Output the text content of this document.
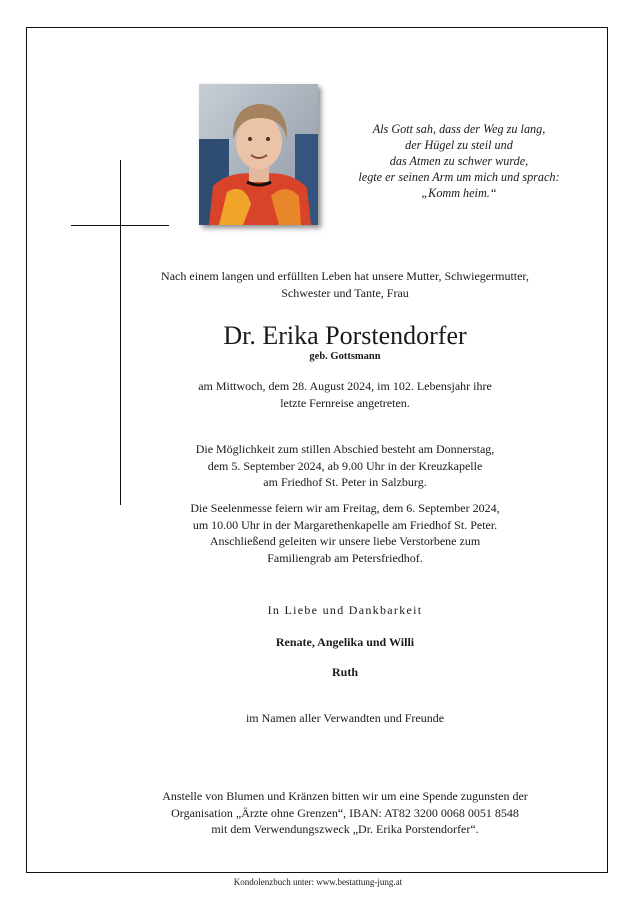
Als Gott sah, dass der Weg zu lang,
der Hügel zu steil und
das Atmen zu schwer wurde,
legte er seinen Arm um mich und sprach:
„Komm heim.“
Nach einem langen und erfüllten Leben hat unsere Mutter, Schwiegermutter,
Schwester und Tante, Frau
Dr. Erika Porstendorfer
geb. Gottsmann
am Mittwoch, dem 28. August 2024, im 102. Lebensjahr ihre
letzte Fernreise angetreten.
Die Möglichkeit zum stillen Abschied besteht am Donnerstag,
dem 5. September 2024, ab 9.00 Uhr in der Kreuzkapelle
am Friedhof St. Peter in Salzburg.
Die Seelenmesse feiern wir am Freitag, dem 6. September 2024,
um 10.00 Uhr in der Margarethenkapelle am Friedhof St. Peter.
Anschließend geleiten wir unsere liebe Verstorbene zum
Familiengrab am Petersfriedhof.
In Liebe und Dankbarkeit
Renate, Angelika und Willi
Ruth
im Namen aller Verwandten und Freunde
Anstelle von Blumen und Kränzen bitten wir um eine Spende zugunsten der
Organisation „Ärzte ohne Grenzen“, IBAN: AT82 3200 0068 0051 8548
mit dem Verwendungszweck „Dr. Erika Porstendorfer“.
Kondolenzbuch unter: www.bestattung-jung.at
